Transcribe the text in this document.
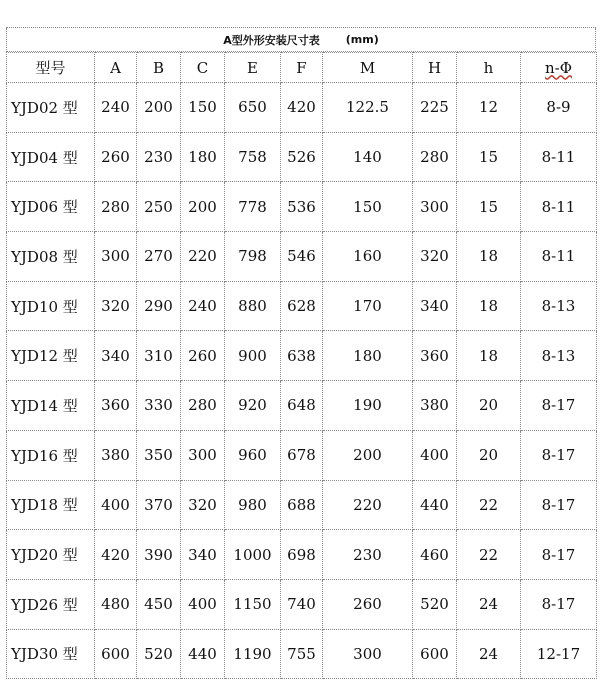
A型外形安装尺寸表 (mm)
型号	A	B	C	E	F	M	H	h	n-Φ
YJD02 型	240	200	150	650	420	122.5	225	12	8-9
YJD04 型	260	230	180	758	526	140	280	15	8-11
YJD06 型	280	250	200	778	536	150	300	15	8-11
YJD08 型	300	270	220	798	546	160	320	18	8-11
YJD10 型	320	290	240	880	628	170	340	18	8-13
YJD12 型	340	310	260	900	638	180	360	18	8-13
YJD14 型	360	330	280	920	648	190	380	20	8-17
YJD16 型	380	350	300	960	678	200	400	20	8-17
YJD18 型	400	370	320	980	688	220	440	22	8-17
YJD20 型	420	390	340	1000	698	230	460	22	8-17
YJD26 型	480	450	400	1150	740	260	520	24	8-17
YJD30 型	600	520	440	1190	755	300	600	24	12-17
